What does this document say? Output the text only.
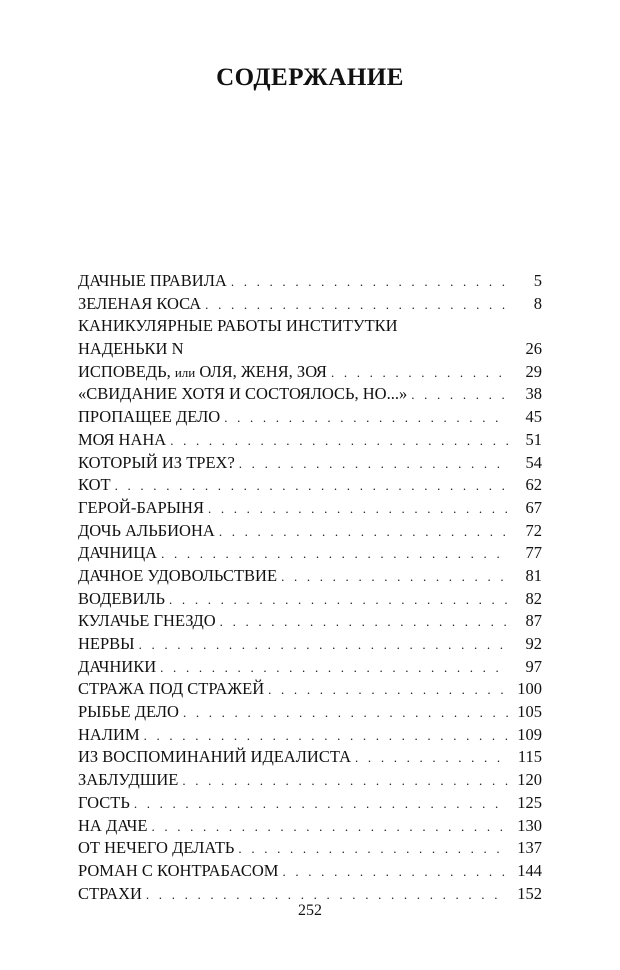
СОДЕРЖАНИЕ
ДАЧНЫЕ ПРАВИЛА . . .	5
ЗЕЛЕНАЯ КОСА . . .	8
КАНИКУЛЯРНЫЕ РАБОТЫ ИНСТИТУТКИ
НАДЕНЬКИ N	26
ИСПОВЕДЬ, или ОЛЯ, ЖЕНЯ, ЗОЯ . . .	29
«СВИДАНИЕ ХОТЯ И СОСТОЯЛОСЬ, НО...» . . .	38
ПРОПАЩЕЕ ДЕЛО . . .	45
МОЯ НАНА . . .	51
КОТОРЫЙ ИЗ ТРЕХ? . . .	54
КОТ . . .	62
ГЕРОЙ-БАРЫНЯ . . .	67
ДОЧЬ АЛЬБИОНА . . .	72
ДАЧНИЦА . . .	77
ДАЧНОЕ УДОВОЛЬСТВИЕ . . .	81
ВОДЕВИЛЬ . . .	82
КУЛАЧЬЕ ГНЕЗДО . . .	87
НЕРВЫ . . .	92
ДАЧНИКИ . . .	97
СТРАЖА ПОД СТРАЖЕЙ . . .	100
РЫБЬЕ ДЕЛО . . .	105
НАЛИМ . . .	109
ИЗ ВОСПОМИНАНИЙ ИДЕАЛИСТА . . .	115
ЗАБЛУДШИЕ . . .	120
ГОСТЬ . . .	125
НА ДАЧЕ . . .	130
ОТ НЕЧЕГО ДЕЛАТЬ . . .	137
РОМАН С КОНТРАБАСОМ . . .	144
СТРАХИ . . .	152
252
